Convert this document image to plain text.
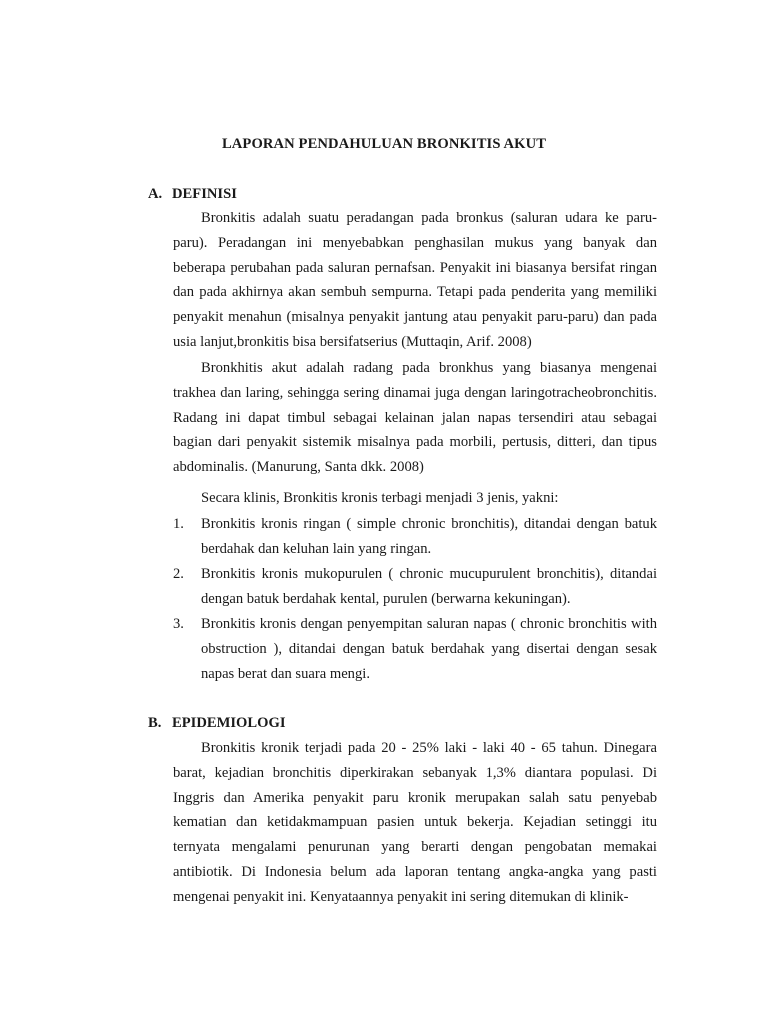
LAPORAN PENDAHULUAN BRONKITIS AKUT
A. DEFINISI

Bronkitis adalah suatu peradangan pada bronkus (saluran udara ke paru-paru). Peradangan ini menyebabkan penghasilan mukus yang banyak dan beberapa perubahan pada saluran pernafsan. Penyakit ini biasanya bersifat ringan dan pada akhirnya akan sembuh sempurna. Tetapi pada penderita yang memiliki penyakit menahun (misalnya penyakit jantung atau penyakit paru-paru) dan pada usia lanjut,bronkitis bisa bersifatserius (Muttaqin, Arif. 2008)

Bronkhitis akut adalah radang pada bronkhus yang biasanya mengenai trakhea dan laring, sehingga sering dinamai juga dengan laringotracheobronchitis. Radang ini dapat timbul sebagai kelainan jalan napas tersendiri atau sebagai bagian dari penyakit sistemik misalnya pada morbili, pertusis, ditteri, dan tipus abdominalis. (Manurung, Santa dkk. 2008)

Secara klinis, Bronkitis kronis terbagi menjadi 3 jenis, yakni:

1. Bronkitis kronis ringan ( simple chronic bronchitis), ditandai dengan batuk berdahak dan keluhan lain yang ringan.
2. Bronkitis kronis mukopurulen ( chronic mucupurulent bronchitis), ditandai dengan batuk berdahak kental, purulen (berwarna kekuningan).
3. Bronkitis kronis dengan penyempitan saluran napas ( chronic bronchitis with obstruction ), ditandai dengan batuk berdahak yang disertai dengan sesak napas berat dan suara mengi.
B. EPIDEMIOLOGI

Bronkitis kronik terjadi pada 20 - 25% laki - laki 40 - 65 tahun. Dinegara barat, kejadian bronchitis diperkirakan sebanyak 1,3% diantara populasi. Di Inggris dan Amerika penyakit paru kronik merupakan salah satu penyebab kematian dan ketidakmampuan pasien untuk bekerja. Kejadian setinggi itu ternyata mengalami penurunan yang berarti dengan pengobatan memakai antibiotik. Di Indonesia belum ada laporan tentang angka-angka yang pasti mengenai penyakit ini. Kenyataannya penyakit ini sering ditemukan di klinik-
